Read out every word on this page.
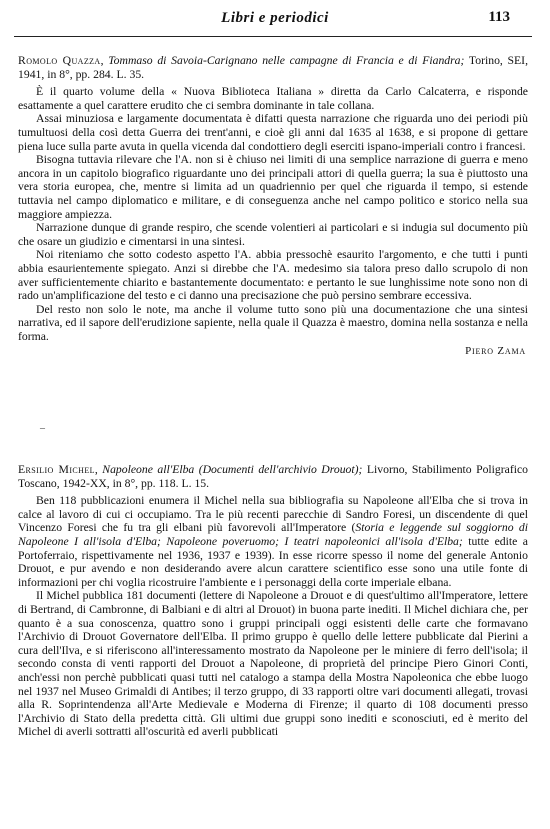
Libri e periodici	113

Romolo Quazza, Tommaso di Savoia-Carignano nelle campagne di Francia e di Fiandra; Torino, SEI, 1941, in 8°, pp. 284. L. 35.

È il quarto volume della « Nuova Biblioteca Italiana » diretta da Carlo Calcaterra, e risponde esattamente a quel carattere erudito che ci sembra dominante in tale collana.

Assai minuziosa e largamente documentata è difatti questa narrazione che riguarda uno dei periodi più tumultuosi della così detta Guerra dei trent'anni, e cioè gli anni dal 1635 al 1638, e si propone di gettare piena luce sulla parte avuta in quella vicenda dal condottiero degli eserciti ispano-imperiali contro i francesi.

Bisogna tuttavia rilevare che l'A. non si è chiuso nei limiti di una semplice narrazione di guerra e meno ancora in un capitolo biografico riguardante uno dei principali attori di quella guerra; la sua è piuttosto una vera storia europea, che, mentre si limita ad un quadriennio per quel che riguarda il tempo, si estende tuttavia nel campo diplomatico e militare, e di conseguenza anche nel campo politico e storico nella sua maggiore ampiezza.

Narrazione dunque di grande respiro, che scende volentieri ai particolari e si indugia sul documento più che osare un giudizio e cimentarsi in una sintesi.

Noi riteniamo che sotto codesto aspetto l'A. abbia pressochè esaurito l'argomento, e che tutti i punti abbia esaurientemente spiegato. Anzi si direbbe che l'A. medesimo sia talora preso dallo scrupolo di non aver sufficientemente chiarito e bastantemente documentato: e pertanto le sue lunghissime note sono non di rado un'amplificazione del testo e ci danno una precisazione che può persino sembrare eccessiva.

Del resto non solo le note, ma anche il volume tutto sono più una documentazione che una sintesi narrativa, ed il sapore dell'erudizione sapiente, nella quale il Quazza è maestro, domina nella sostanza e nella forma.

Piero Zama
‒

Ersilio Michel, Napoleone all'Elba (Documenti dell'archivio Drouot); Livorno, Stabilimento Poligrafico Toscano, 1942-XX, in 8°, pp. 118. L. 15.

Ben 118 pubblicazioni enumera il Michel nella sua bibliografia su Napoleone all'Elba che si trova in calce al lavoro di cui ci occupiamo. Tra le più recenti parecchie di Sandro Foresi, un discendente di quel Vincenzo Foresi che fu tra gli elbani più favorevoli all'Imperatore (Storia e leggende sul soggiorno di Napoleone I all'isola d'Elba; Napoleone poveruomo; I teatri napoleonici all'isola d'Elba; tutte edite a Portoferraio, rispettivamente nel 1936, 1937 e 1939). In esse ricorre spesso il nome del generale Antonio Drouot, e pur avendo e non desiderando avere alcun carattere scientifico esse sono una utile fonte di informazioni per chi voglia ricostruire l'ambiente e i personaggi della corte imperiale elbana.

Il Michel pubblica 181 documenti (lettere di Napoleone a Drouot e di quest'ultimo all'Imperatore, lettere di Bertrand, di Cambronne, di Balbiani e di altri al Drouot) in buona parte inediti. Il Michel dichiara che, per quanto è a sua conoscenza, quattro sono i gruppi principali oggi esistenti delle carte che formavano l'Archivio di Drouot Governatore dell'Elba. Il primo gruppo è quello delle lettere pubblicate dal Pierini a cura dell'Ilva, e si riferiscono all'interessamento mostrato da Napoleone per le miniere di ferro dell'isola; il secondo consta di venti rapporti del Drouot a Napoleone, di proprietà del principe Piero Ginori Conti, anch'essi non perchè pubblicati quasi tutti nel catalogo a stampa della Mostra Napoleonica che ebbe luogo nel 1937 nel Museo Grimaldi di Antibes; il terzo gruppo, di 33 rapporti oltre vari documenti allegati, trovasi alla R. Soprintendenza all'Arte Medievale e Moderna di Firenze; il quarto di 108 documenti presso l'Archivio di Stato della predetta città. Gli ultimi due gruppi sono inediti e sconosciuti, ed è merito del Michel di averli sottratti all'oscurità ed averli pubblicati
